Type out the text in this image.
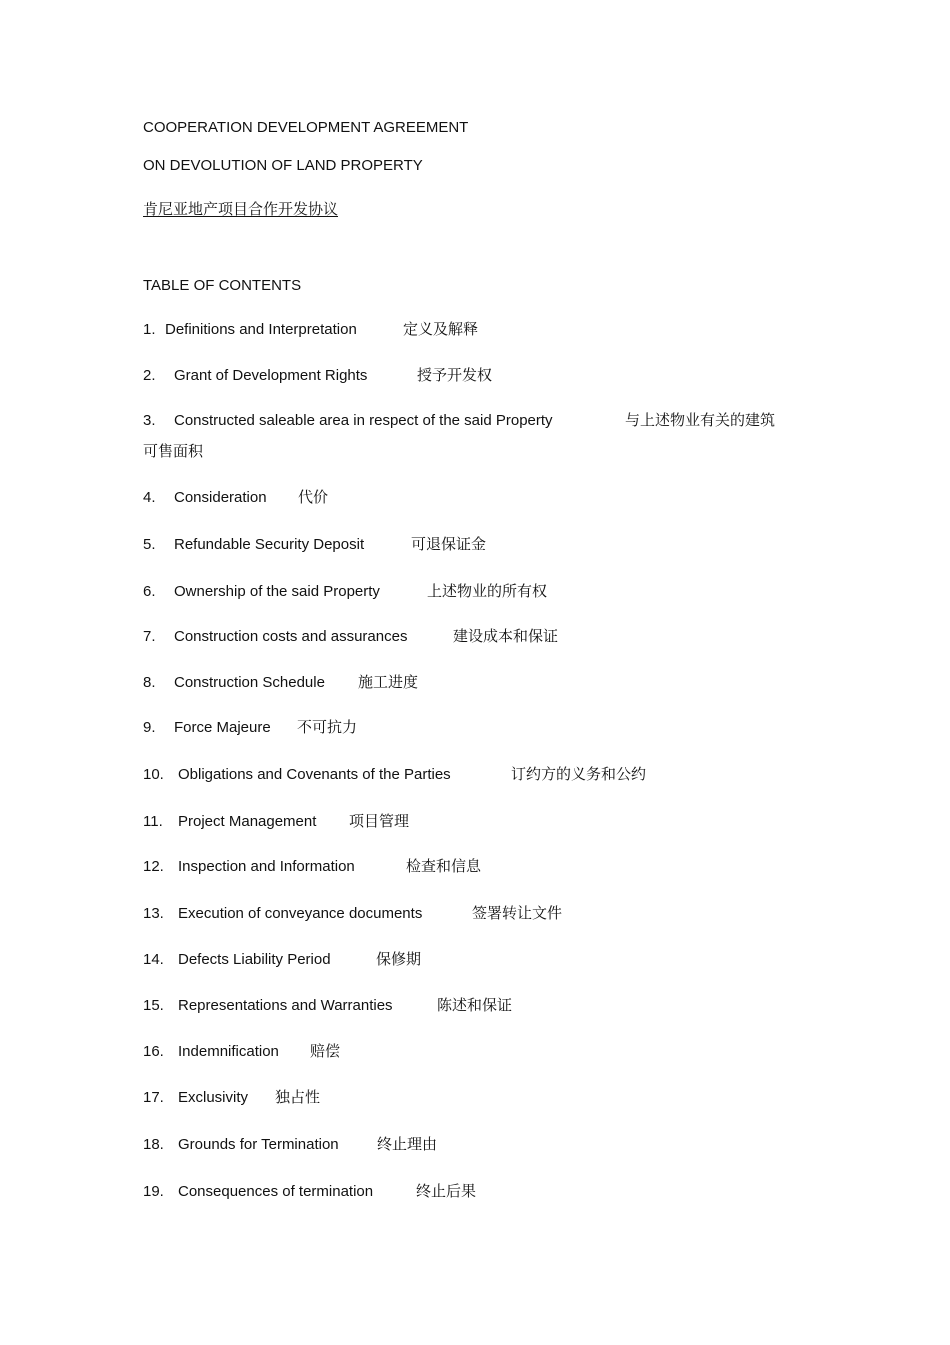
COOPERATION DEVELOPMENT AGREEMENT
ON DEVOLUTION OF LAND PROPERTY
肯尼亚地产项目合作开发协议
TABLE OF CONTENTS
1. Definitions and Interpretation	定义及解释
2. Grant of Development Rights	授予开发权
3. Constructed saleable area in respect of the said Property	与上述物业有关的建筑
可售面积
4. Consideration 代价
5. Refundable Security Deposit	可退保证金
6. Ownership of the said Property	上述物业的所有权
7. Construction costs and assurances	建设成本和保证
8. Construction Schedule 施工进度
9. Force Majeure 不可抗力
10. Obligations and Covenants of the Parties	订约方的义务和公约
11. Project Management 项目管理
12. Inspection and Information	检查和信息
13. Execution of conveyance documents	签署转让文件
14. Defects Liability Period	保修期
15. Representations and Warranties	陈述和保证
16. Indemnification 赔偿
17. Exclusivity 独占性
18. Grounds for Termination	终止理由
19. Consequences of termination	终止后果
